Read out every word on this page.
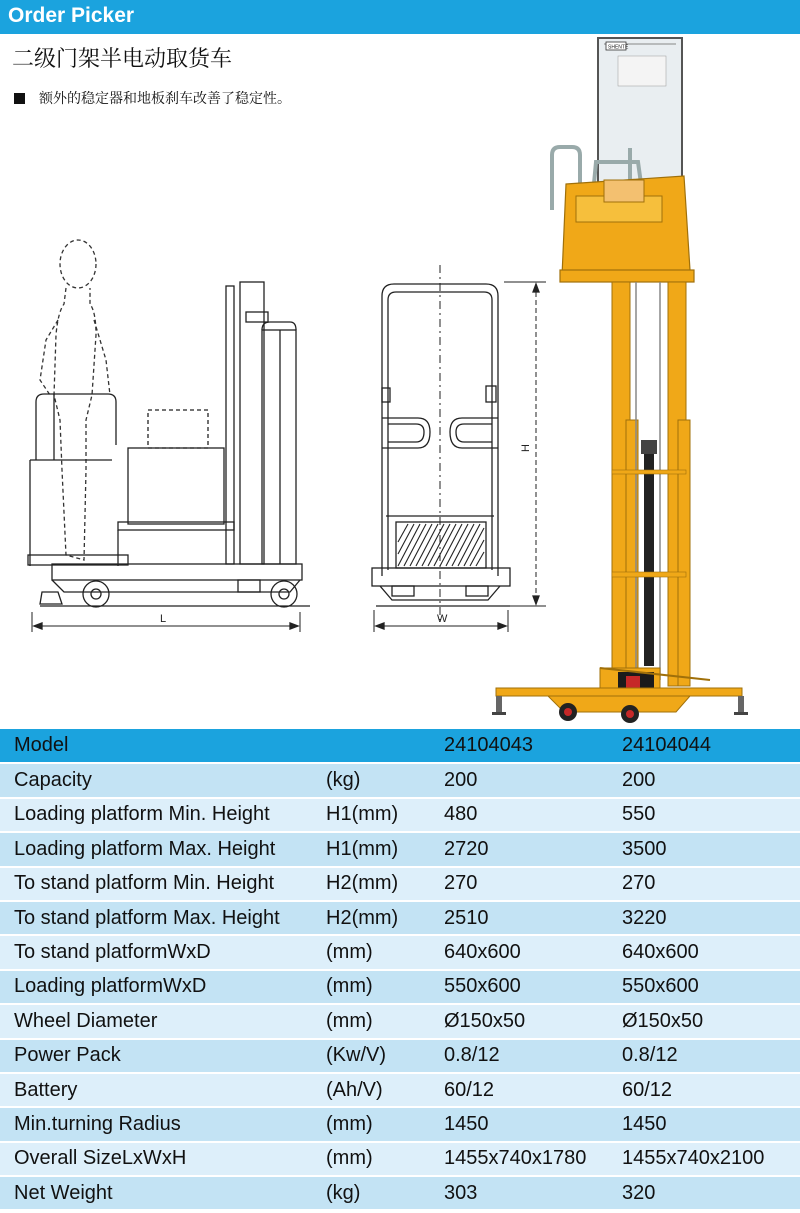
Order Picker
二级门架半电动取货车
额外的稳定器和地板刹车改善了稳定性。
L	W
H
SHENTE
Model		24104043	24104044
Capacity	(kg)	200	200
Loading platform Min. Height	H1(mm)	480	550
Loading platform Max. Height	H1(mm)	2720	3500
To stand platform Min. Height	H2(mm)	270	270
To stand platform Max. Height	H2(mm)	2510	3220
To stand platformWxD	(mm)	640x600	640x600
Loading platformWxD	(mm)	550x600	550x600
Wheel Diameter	(mm)	Ø150x50	Ø150x50
Power Pack	(Kw/V)	0.8/12	0.8/12
Battery	(Ah/V)	60/12	60/12
Min.turning Radius	(mm)	1450	1450
Overall SizeLxWxH	(mm)	1455x740x1780	1455x740x2100
Net Weight	(kg)	303	320
